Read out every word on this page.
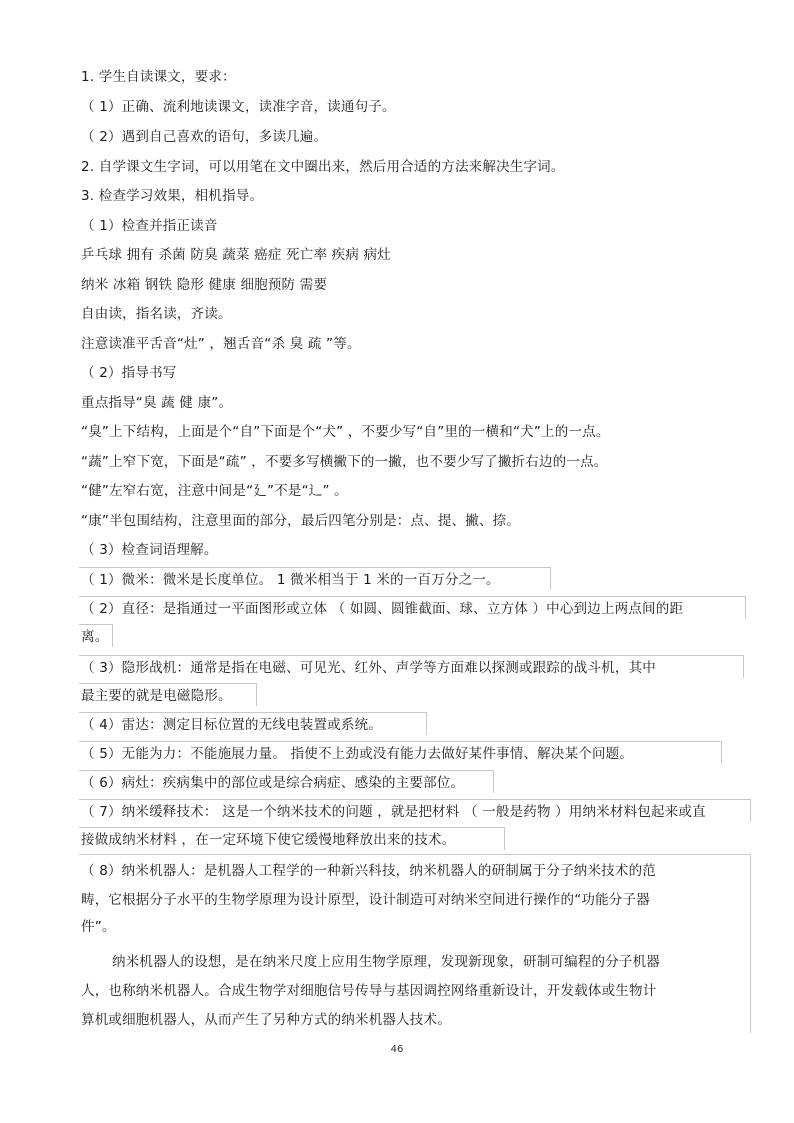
1. 学生自读课文，要求：
（ 1）正确、流利地读课文，读准字音，读通句子。
（ 2）遇到自己喜欢的语句，多读几遍。
2. 自学课文生字词，可以用笔在文中圈出来，然后用合适的方法来解决生字词。
3. 检查学习效果，相机指导。
（ 1）检查并指正读音
乒乓球 拥有 杀菌 防臭 蔬菜 癌症 死亡率 疾病 病灶
纳米 冰箱 钢铁 隐形 健康 细胞预防 需要
自由读，指名读，齐读。
注意读准平舌音“灶” ，翘舌音“杀 臭 疏 ”等。
（ 2）指导书写
重点指导“臭 蔬 健 康”。
“臭”上下结构，上面是个“自”下面是个“犬” ，不要少写“自”里的一横和“犬”上的一点。
“蔬”上窄下宽，下面是“疏” ，不要多写横撇下的一撇，也不要少写了撇折右边的一点。
“健”左窄右宽，注意中间是“廴”不是“辶” 。
“康”半包围结构，注意里面的部分，最后四笔分别是：点、提、撇、捺。
（ 3）检查词语理解。
（ 1）微米：微米是长度单位。 1 微米相当于 1 米的一百万分之一。
（ 2）直径：是指通过一平面图形或立体 （ 如圆、圆锥截面、球、立方体 ）中心到边上两点间的距
离。
（ 3）隐形战机：通常是指在电磁、可见光、红外、声学等方面难以探测或跟踪的战斗机，其中
最主要的就是电磁隐形。
（ 4）雷达：测定目标位置的无线电装置或系统。
（ 5）无能为力：不能施展力量。 指使不上劲或没有能力去做好某件事情、解决某个问题。
（ 6）病灶：疾病集中的部位或是综合病症、感染的主要部位。
（ 7）纳米缓释技术： 这是一个纳米技术的问题 ，就是把材料 （ 一般是药物 ）用纳米材料包起来或直
接做成纳米材料 ，在一定环境下使它缓慢地释放出来的技术。
（ 8）纳米机器人：是机器人工程学的一种新兴科技，纳米机器人的研制属于分子纳米技术的范
畴，它根据分子水平的生物学原理为设计原型，设计制造可对纳米空间进行操作的“功能分子器
件”。
纳米机器人的设想，是在纳米尺度上应用生物学原理，发现新现象，研制可编程的分子机器
人，也称纳米机器人。合成生物学对细胞信号传导与基因调控网络重新设计，开发载体或生物计
算机或细胞机器人，从而产生了另种方式的纳米机器人技术。
46
